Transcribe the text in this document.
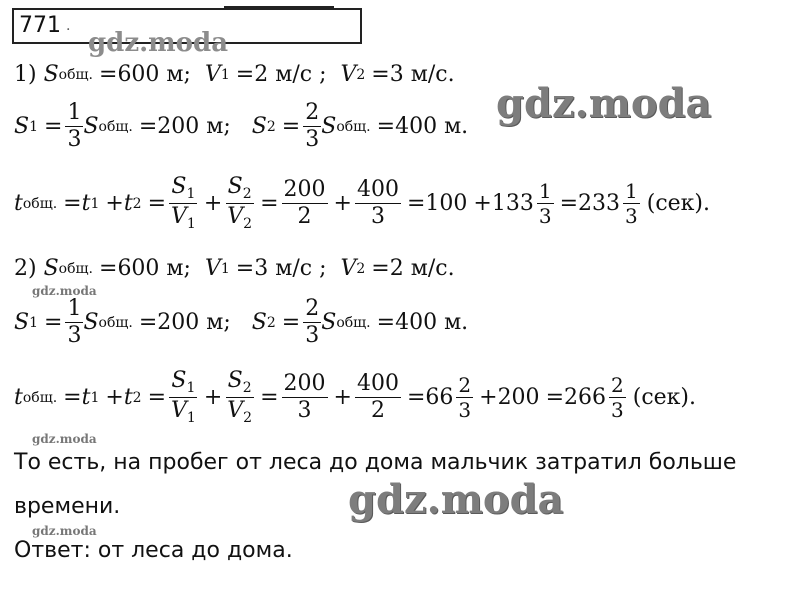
771 .
gdz.moda
gdz.moda
gdz.moda
gdz.moda
gdz.moda
gdz.moda
1)
S общ. = 600 м ;
V 1 = 2 м/с
;
V 2 = 3 м/с.
S $1 = \frac{1}{3}$ S общ. = 200 м ;
S $2 = \frac{2}{3}$ S общ. = 400 м.
t общ. = t 1 + t $2 = \frac{S_1}{V_1} + \frac{S_2}{V_2} = \frac{200}{2} + \frac{400}{3} = 100 + 133 \frac{1}{3} = 233 \frac{1}{3}$
(сек).
2)
S общ. = 600 м ;
V 1 = 3 м/с
;
V 2 = 2 м/с.
S $1 = \frac{1}{3}$ S общ. = 200 м ;
S $2 = \frac{2}{3}$ S общ. = 400 м.
t общ. = t 1 + t $2 = \frac{S_1}{V_1} + \frac{S_2}{V_2} = \frac{200}{3} + \frac{400}{2} = 66 \frac{2}{3} + 200 = 266 \frac{2}{3}$
(сек).
То есть, на пробег от леса до дома мальчик затратил больше
времени.
Ответ: от леса до дома.
